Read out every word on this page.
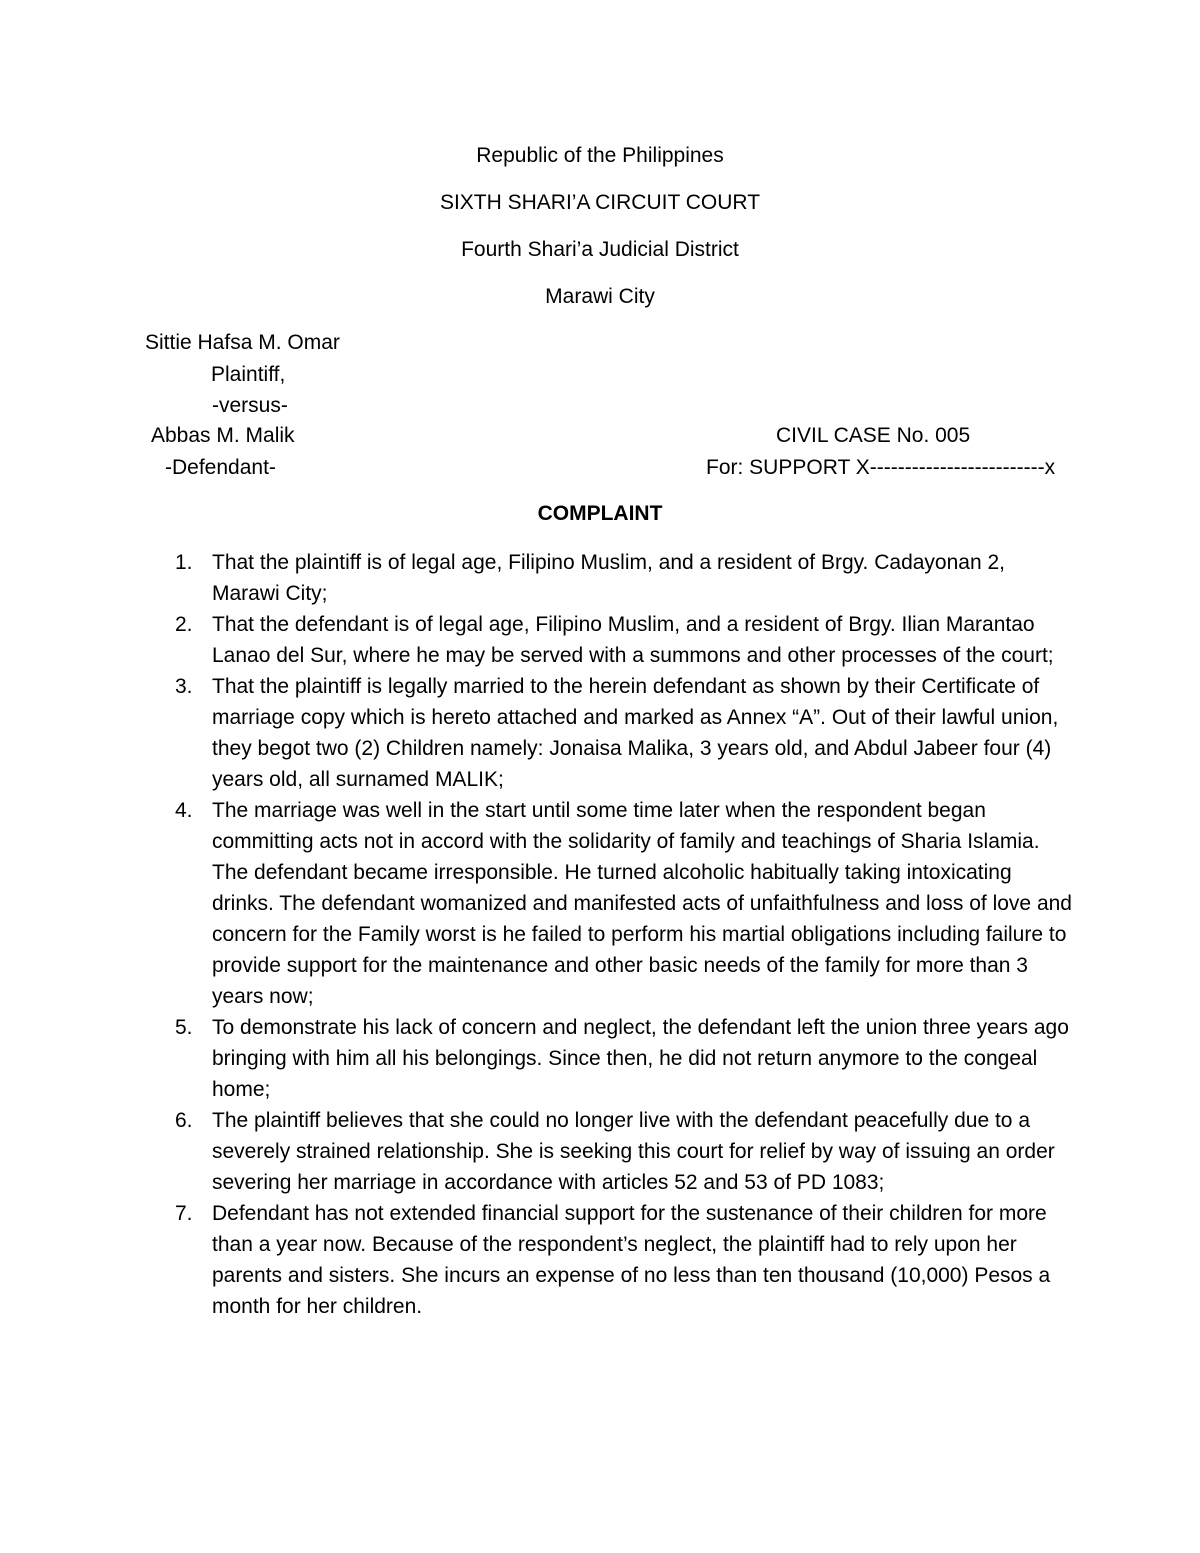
Republic of the Philippines
SIXTH SHARI’A CIRCUIT COURT
Fourth Shari’a Judicial District
Marawi City
Sittie Hafsa M. Omar
Plaintiff,
-versus-
Abbas M. Malik
-Defendant-
CIVIL CASE No. 005
For: SUPPORT X-------------------------x
COMPLAINT
1. That the plaintiff is of legal age, Filipino Muslim, and a resident of Brgy. Cadayonan 2, Marawi City;
2. That the defendant is of legal age, Filipino Muslim, and a resident of Brgy. Ilian Marantao Lanao del Sur, where he may be served with a summons and other processes of the court;
3. That the plaintiff is legally married to the herein defendant as shown by their Certificate of marriage copy which is hereto attached and marked as Annex “A”. Out of their lawful union, they begot two (2) Children namely: Jonaisa Malika, 3 years old, and Abdul Jabeer four (4) years old, all surnamed MALIK;
4. The marriage was well in the start until some time later when the respondent began committing acts not in accord with the solidarity of family and teachings of Sharia Islamia. The defendant became irresponsible. He turned alcoholic habitually taking intoxicating drinks. The defendant womanized and manifested acts of unfaithfulness and loss of love and concern for the Family worst is he failed to perform his martial obligations including failure to provide support for the maintenance and other basic needs of the family for more than 3 years now;
5. To demonstrate his lack of concern and neglect, the defendant left the union three years ago bringing with him all his belongings. Since then, he did not return anymore to the congeal home;
6. The plaintiff believes that she could no longer live with the defendant peacefully due to a severely strained relationship. She is seeking this court for relief by way of issuing an order severing her marriage in accordance with articles 52 and 53 of PD 1083;
7. Defendant has not extended financial support for the sustenance of their children for more than a year now. Because of the respondent’s neglect, the plaintiff had to rely upon her parents and sisters. She incurs an expense of no less than ten thousand (10,000) Pesos a month for her children.
